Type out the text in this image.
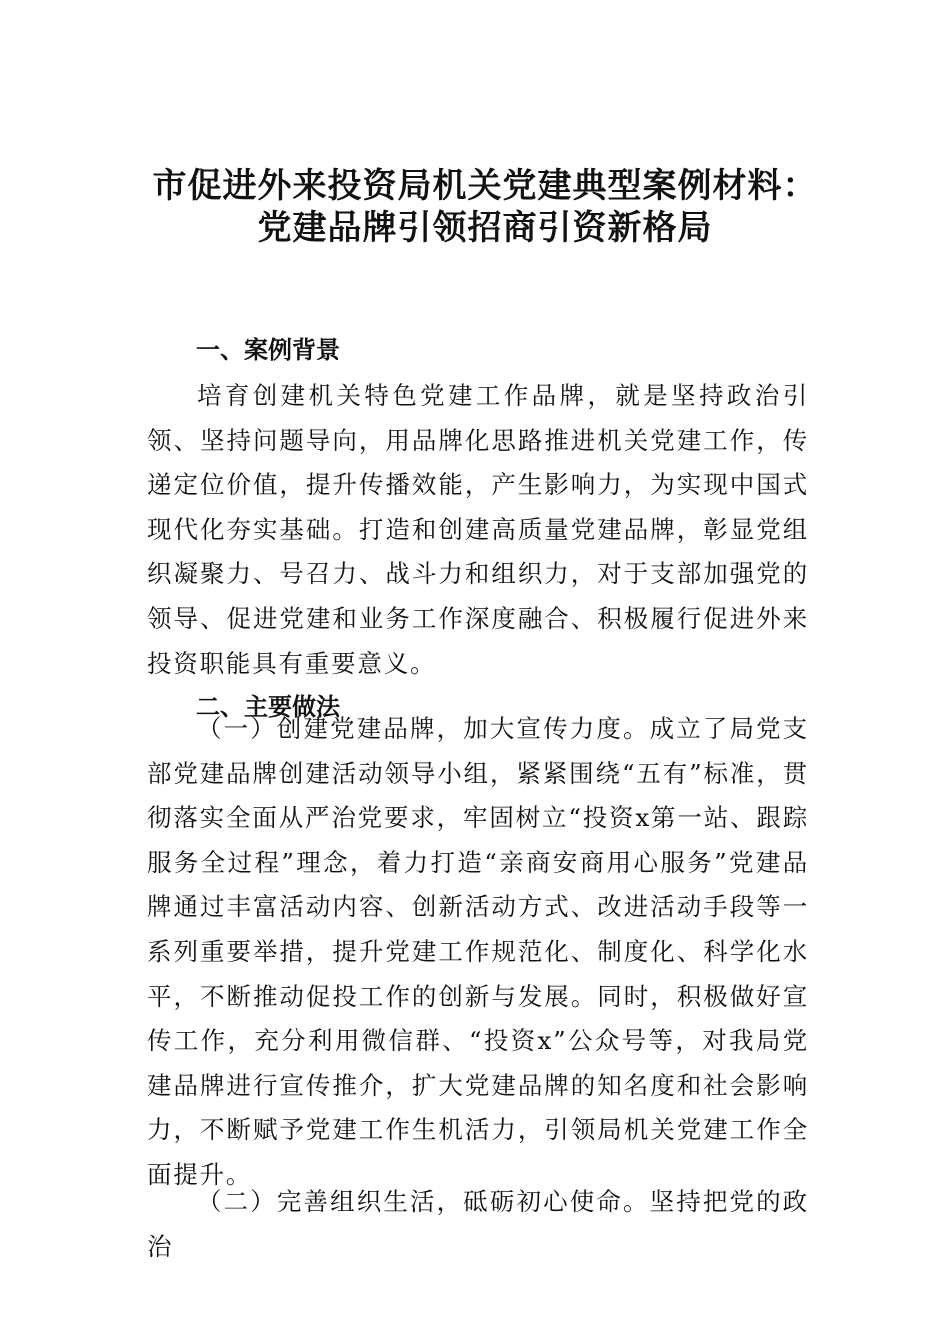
市促进外来投资局机关党建典型案例材料：
党建品牌引领招商引资新格局
一、案例背景

培育创建机关特色党建工作品牌，就是坚持政治引领、坚持问题导向，用品牌化思路推进机关党建工作，传递定位价值，提升传播效能，产生影响力，为实现中国式现代化夯实基础。打造和创建高质量党建品牌，彰显党组织凝聚力、号召力、战斗力和组织力，对于支部加强党的领导、促进党建和业务工作深度融合、积极履行促进外来投资职能具有重要意义。

二、主要做法

（一）创建党建品牌，加大宣传力度。成立了局党支部党建品牌创建活动领导小组，紧紧围绕“五有”标准，贯彻落实全面从严治党要求，牢固树立“投资x第一站、跟踪服务全过程”理念，着力打造“亲商安商用心服务”党建品牌通过丰富活动内容、创新活动方式、改进活动手段等一系列重要举措，提升党建工作规范化、制度化、科学化水平，不断推动促投工作的创新与发展。同时，积极做好宣传工作，充分利用微信群、“投资x”公众号等，对我局党建品牌进行宣传推介，扩大党建品牌的知名度和社会影响力，不断赋予党建工作生机活力，引领局机关党建工作全面提升。

（二）完善组织生活，砥砺初心使命。坚持把党的政治
